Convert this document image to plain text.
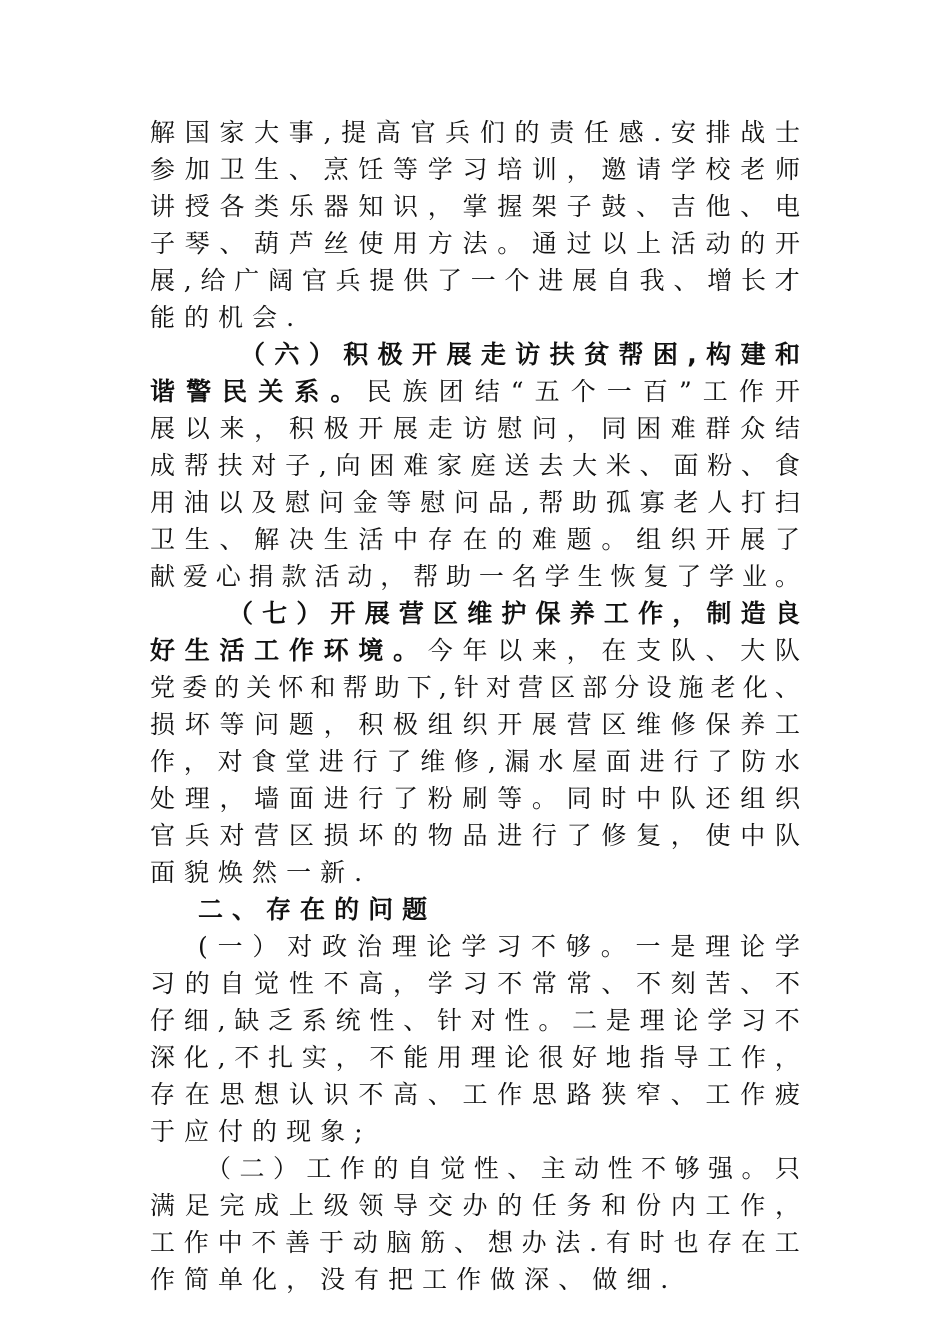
解 国 家 大 事 , 提 高 官 兵 们 的 责 任 感 . 安 排 战 士
参 加 卫 生 、 烹 饪 等 学 习 培 训 ， 邀 请 学 校 老 师
讲 授 各 类 乐 器 知 识 ， 掌 握 架 子 鼓 、 吉 他 、 电
子 琴 、 葫 芦 丝 使 用 方 法 。 通 过 以 上 活 动 的 开
展 , 给 广 阔 官 兵 提 供 了 一 个 进 展 自 我 、 增 长 才
能 的 机 会 .
（ 六 ） 积 极 开 展 走 访 扶 贫 帮 困 , 构 建 和
谐 警 民 关 系 。 民 族 团 结 “ 五 个 一 百 ” 工 作 开
展 以 来 ， 积 极 开 展 走 访 慰 问 ， 同 困 难 群 众 结
成 帮 扶 对 子 , 向 困 难 家 庭 送 去 大 米 、 面 粉 、 食
用 油 以 及 慰 问 金 等 慰 问 品 , 帮 助 孤 寡 老 人 打 扫
卫 生 、 解 决 生 活 中 存 在 的 难 题 。 组 织 开 展 了
献 爱 心 捐 款 活 动 ， 帮 助 一 名 学 生 恢 复 了 学 业 。
（ 七 ） 开 展 营 区 维 护 保 养 工 作 ， 制 造 良
好 生 活 工 作 环 境 。 今 年 以 来 ， 在 支 队 、 大 队
党 委 的 关 怀 和 帮 助 下 , 针 对 营 区 部 分 设 施 老 化 、
损 坏 等 问 题 ， 积 极 组 织 开 展 营 区 维 修 保 养 工
作 ， 对 食 堂 进 行 了 维 修 , 漏 水 屋 面 进 行 了 防 水
处 理 ， 墙 面 进 行 了 粉 刷 等 。 同 时 中 队 还 组 织
官 兵 对 营 区 损 坏 的 物 品 进 行 了 修 复 ， 使 中 队
面 貌 焕 然 一 新 .
二 、 存 在 的 问 题
( 一 ） 对 政 治 理 论 学 习 不 够 。 一 是 理 论 学
习 的 自 觉 性 不 高 ， 学 习 不 常 常 、 不 刻 苦 、 不
仔 细 , 缺 乏 系 统 性 、 针 对 性 。 二 是 理 论 学 习 不
深 化 , 不 扎 实 ， 不 能 用 理 论 很 好 地 指 导 工 作 ，
存 在 思 想 认 识 不 高 、 工 作 思 路 狭 窄 、 工 作 疲
于 应 付 的 现 象 ;
（ 二 ） 工 作 的 自 觉 性 、 主 动 性 不 够 强 。 只
满 足 完 成 上 级 领 导 交 办 的 任 务 和 份 内 工 作 ，
工 作 中 不 善 于 动 脑 筋 、 想 办 法 . 有 时 也 存 在 工
作 简 单 化 ， 没 有 把 工 作 做 深 、 做 细 .
